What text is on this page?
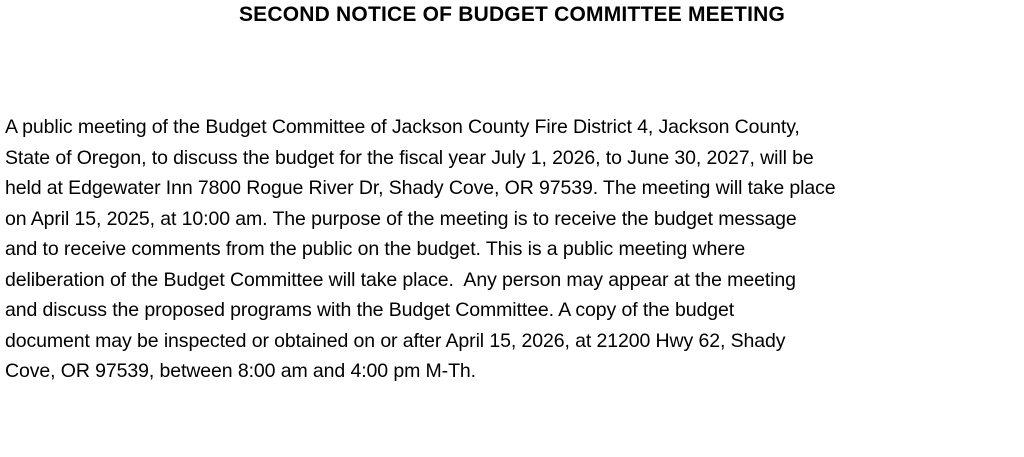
SECOND NOTICE OF BUDGET COMMITTEE MEETING
A public meeting of the Budget Committee of Jackson County Fire District 4, Jackson County,
State of Oregon, to discuss the budget for the fiscal year July 1, 2026, to June 30, 2027, will be
held at Edgewater Inn 7800 Rogue River Dr, Shady Cove, OR 97539. The meeting will take place
on April 15, 2025, at 10:00 am. The purpose of the meeting is to receive the budget message
and to receive comments from the public on the budget. This is a public meeting where
deliberation of the Budget Committee will take place.  Any person may appear at the meeting
and discuss the proposed programs with the Budget Committee. A copy of the budget
document may be inspected or obtained on or after April 15, 2026, at 21200 Hwy 62, Shady
Cove, OR 97539, between 8:00 am and 4:00 pm M-Th.
